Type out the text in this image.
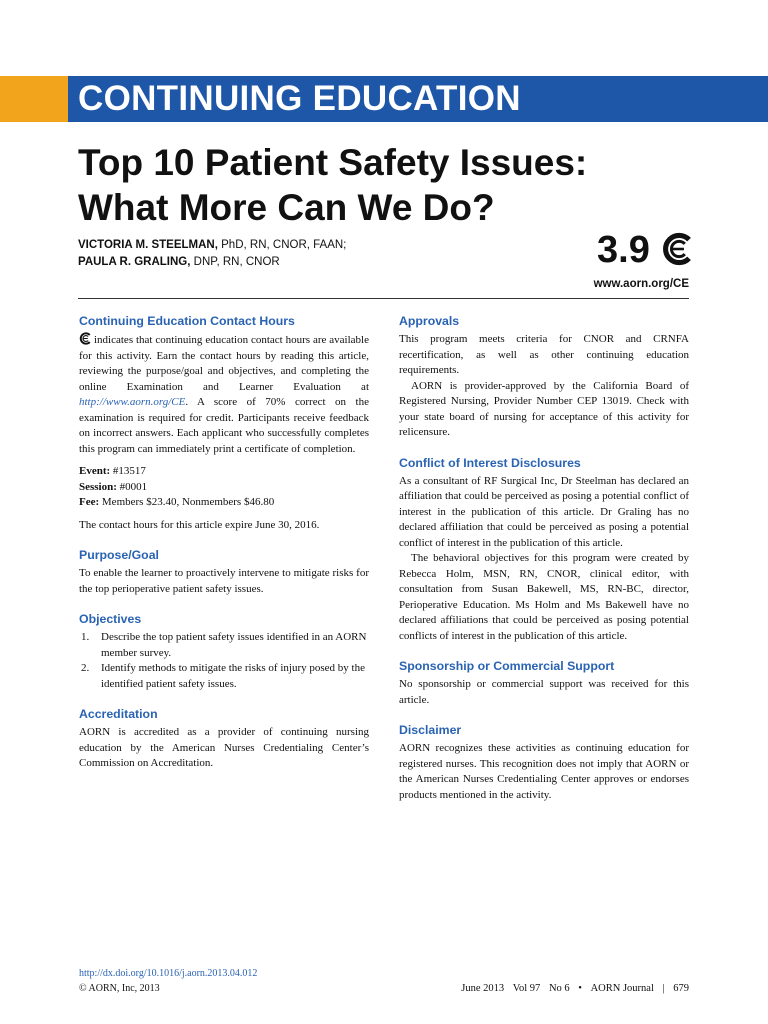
CONTINUING EDUCATION
Top 10 Patient Safety Issues:
What More Can We Do?
VICTORIA M. STEELMAN, PhD, RN, CNOR, FAAN;
PAULA R. GRALING, DNP, RN, CNOR	3.9
www.aorn.org/CE
Continuing Education Contact Hours

indicates that continuing education contact hours are available for this activity. Earn the contact hours by reading this article, reviewing the purpose/goal and objectives, and completing the online Examination and Learner Evaluation at http://www.aorn.org/CE. A score of 70% correct on the examination is required for credit. Participants receive feedback on incorrect answers. Each applicant who successfully completes this program can immediately print a certificate of completion.

Event: #13517
Session: #0001
Fee: Members $23.40, Nonmembers $46.80

The contact hours for this article expire June 30, 2016.

Purpose/Goal

To enable the learner to proactively intervene to mitigate risks for the top perioperative patient safety issues.

Objectives
1. Describe the top patient safety issues identified in an AORN member survey.
2. Identify methods to mitigate the risks of injury posed by the identified patient safety issues.
Accreditation

AORN is accredited as a provider of continuing nursing education by the American Nurses Credentialing Center’s Commission on Accreditation.

Approvals

This program meets criteria for CNOR and CRNFA recertification, as well as other continuing education requirements.

AORN is provider-approved by the California Board of Registered Nursing, Provider Number CEP 13019. Check with your state board of nursing for acceptance of this activity for relicensure.

Conflict of Interest Disclosures

As a consultant of RF Surgical Inc, Dr Steelman has declared an affiliation that could be perceived as posing a potential conflict of interest in the publication of this article. Dr Graling has no declared affiliation that could be perceived as posing a potential conflict of interest in the publication of this article.

The behavioral objectives for this program were created by Rebecca Holm, MSN, RN, CNOR, clinical editor, with consultation from Susan Bakewell, MS, RN-BC, director, Perioperative Education. Ms Holm and Ms Bakewell have no declared affiliations that could be perceived as posing potential conflicts of interest in the publication of this article.

Sponsorship or Commercial Support

No sponsorship or commercial support was received for this article.

Disclaimer

AORN recognizes these activities as continuing education for registered nurses. This recognition does not imply that AORN or the American Nurses Credentialing Center approves or endorses products mentioned in the activity.

http://dx.doi.org/10.1016/j.aorn.2013.04.012
© AORN, Inc, 2013	June 2013 Vol 97 No 6 • AORN Journal | 679
